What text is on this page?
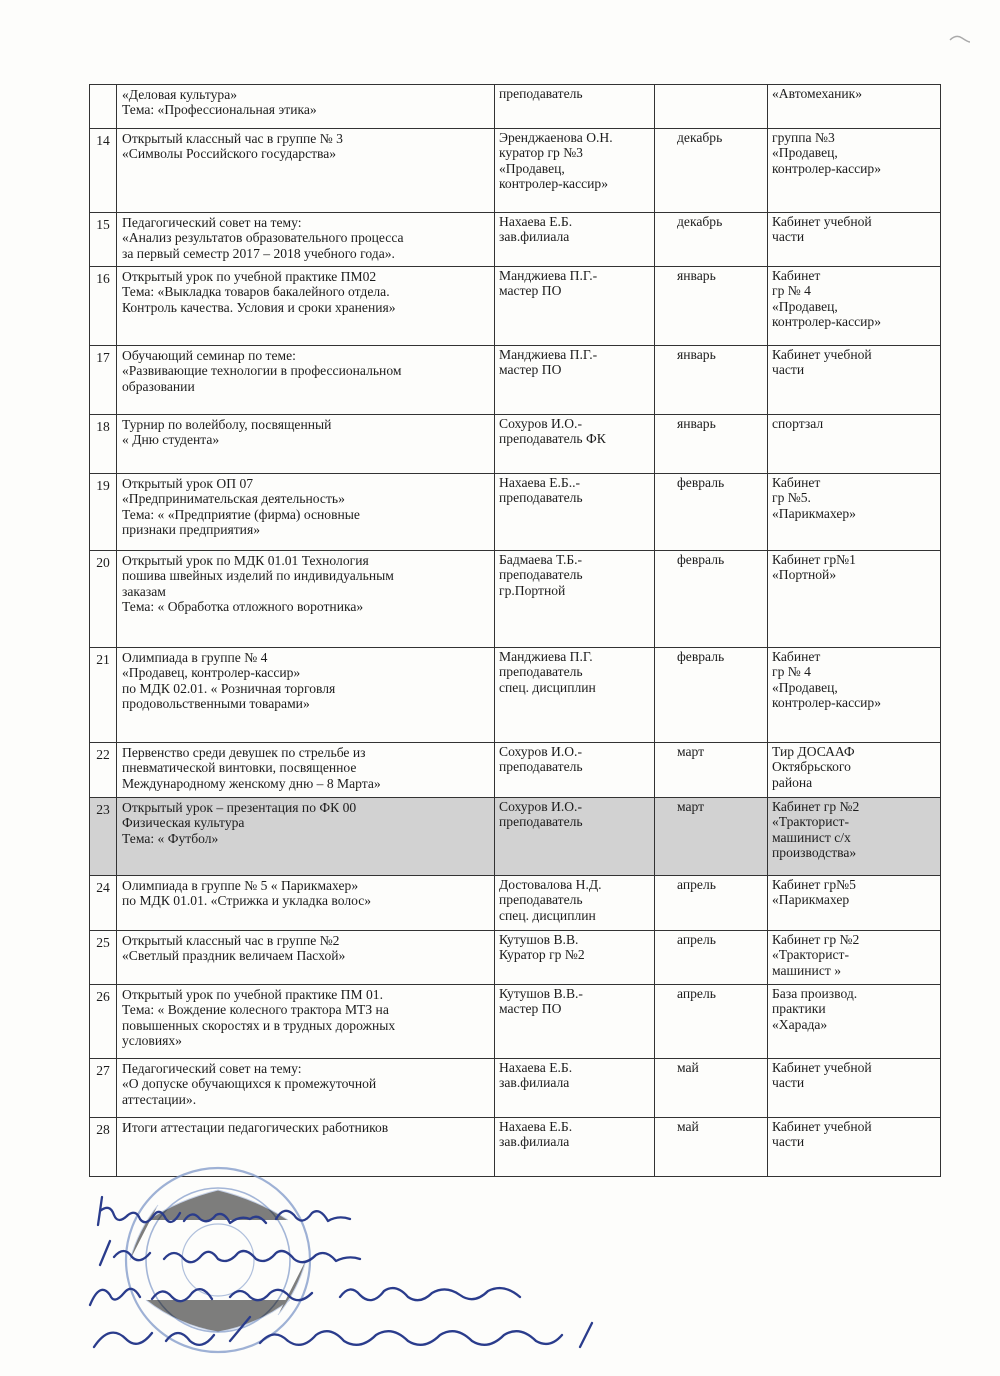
	«Деловая культура»
Тема: «Профессиональная этика»	преподаватель		«Автомеханик»
14	Открытый классный час в группе № 3
«Символы Российского государства»	Эренджаенова О.Н.
куратор гр №3
«Продавец,
контролер-кассир»	декабрь	группа №3
«Продавец,
контролер-кассир»
15	Педагогический совет на тему:
«Анализ результатов образовательного процесса
за первый семестр 2017 – 2018 учебного года».	Нахаева Е.Б.
зав.филиала	декабрь	Кабинет учебной
части
16	Открытый урок по учебной практике ПМ02
Тема: «Выкладка товаров бакалейного отдела.
Контроль качества. Условия и сроки хранения»	Манджиева П.Г.-
мастер ПО	январь	Кабинет
гр № 4
«Продавец,
контролер-кассир»
17	Обучающий семинар по теме:
«Развивающие технологии в профессиональном
образовании	Манджиева П.Г.-
мастер ПО	январь	Кабинет учебной
части
18	Турнир по волейболу, посвященный
« Дню студента»	Сохуров И.О.-
преподаватель ФК	январь	спортзал
19	Открытый урок ОП 07
«Предпринимательская деятельность»
Тема: « «Предприятие (фирма) основные
признаки предприятия»	Нахаева Е.Б..-
преподаватель	февраль	Кабинет
гр №5.
«Парикмахер»
20	Открытый урок по МДК 01.01 Технология
пошива швейных изделий по индивидуальным
заказам
Тема: « Обработка отложного воротника»	Бадмаева Т.Б.-
преподаватель
гр.Портной	февраль	Кабинет гр№1
«Портной»
21	Олимпиада в группе № 4
«Продавец, контролер-кассир»
по МДК 02.01. « Розничная торговля
продовольственными товарами»	Манджиева П.Г.
преподаватель
спец. дисциплин	февраль	Кабинет
гр № 4
«Продавец,
контролер-кассир»
22	Первенство среди девушек по стрельбе из
пневматической винтовки, посвященное
Международному женскому дню – 8 Марта»	Сохуров И.О.-
преподаватель	март	Тир ДОСААФ
Октябрьского
района
23	Открытый урок – презентация по ФК 00
Физическая культура
Тема: « Футбол»	Сохуров И.О.-
преподаватель	март	Кабинет гр №2
«Тракторист-
машинист с/х
производства»
24	Олимпиада в группе № 5 « Парикмахер»
по МДК 01.01. «Стрижка и укладка волос»	Достовалова Н.Д.
преподаватель
спец. дисциплин	апрель	Кабинет гр№5
«Парикмахер
25	Открытый классный час в группе №2
«Светлый праздник величаем Пасхой»	Кутушов В.В.
Куратор гр №2	апрель	Кабинет гр №2
«Тракторист-
машинист »
26	Открытый урок по учебной практике ПМ 01.
Тема: « Вождение колесного трактора МТЗ на
повышенных скоростях и в трудных дорожных
условиях»	Кутушов В.В.-
мастер ПО	апрель	База производ.
практики
«Харада»
27	Педагогический совет на тему:
«О допуске обучающихся к промежуточной
аттестации».	Нахаева Е.Б.
зав.филиала	май	Кабинет учебной
части
28	Итоги аттестации педагогических работников	Нахаева Е.Б.
зав.филиала	май	Кабинет учебной
части
